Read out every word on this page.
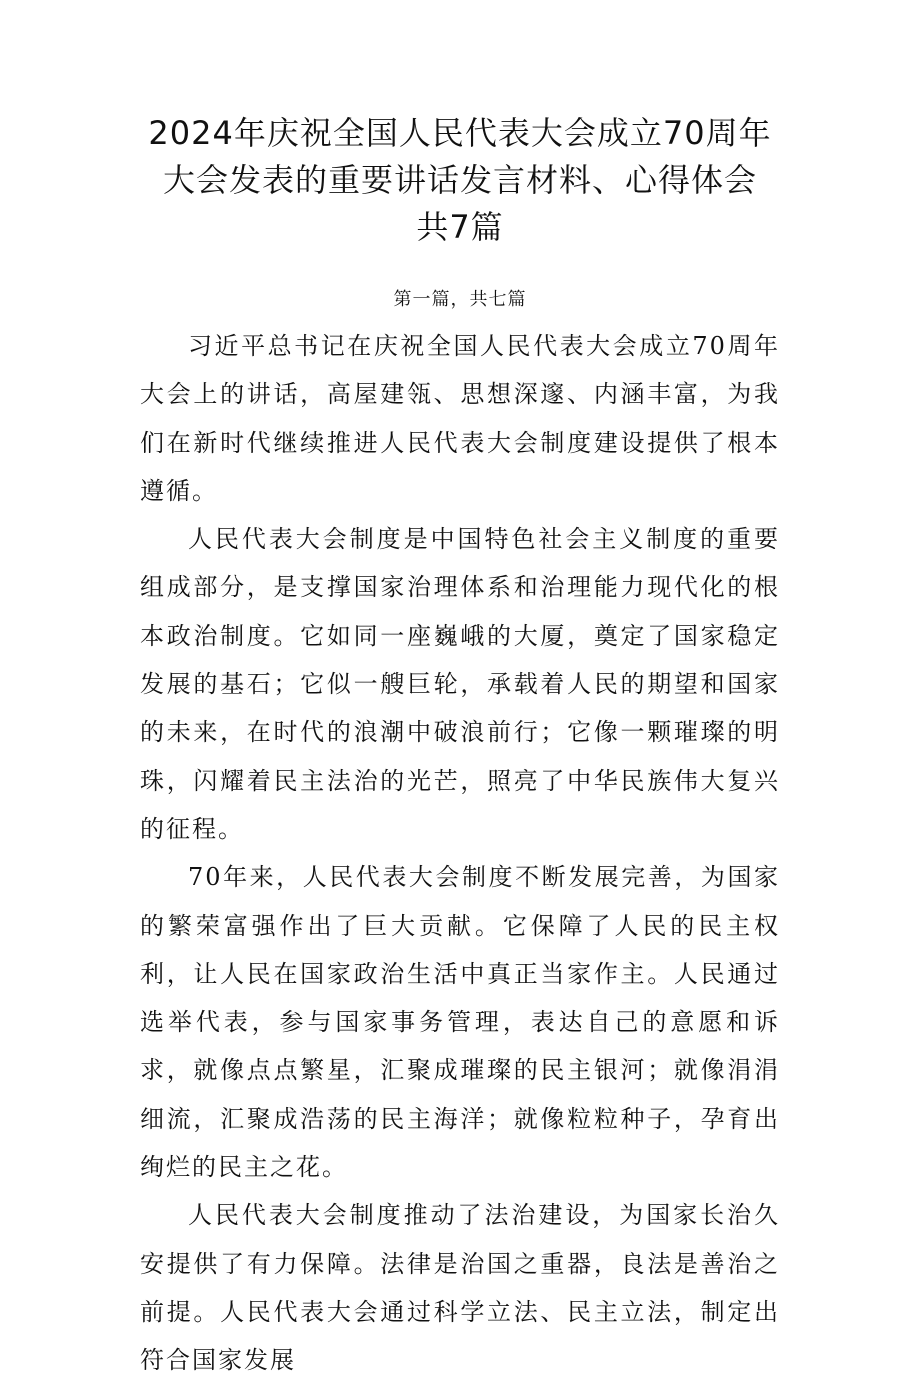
2024年庆祝全国人民代表大会成立70周年
大会发表的重要讲话发言材料、心得体会
共7篇
第一篇，共七篇

习近平总书记在庆祝全国人民代表大会成立70周年大会上的讲话，高屋建瓴、思想深邃、内涵丰富，为我们在新时代继续推进人民代表大会制度建设提供了根本遵循。

人民代表大会制度是中国特色社会主义制度的重要组成部分，是支撑国家治理体系和治理能力现代化的根本政治制度。它如同一座巍峨的大厦，奠定了国家稳定发展的基石；它似一艘巨轮，承载着人民的期望和国家的未来，在时代的浪潮中破浪前行；它像一颗璀璨的明珠，闪耀着民主法治的光芒，照亮了中华民族伟大复兴的征程。

70年来，人民代表大会制度不断发展完善，为国家的繁荣富强作出了巨大贡献。它保障了人民的民主权利，让人民在国家政治生活中真正当家作主。人民通过选举代表，参与国家事务管理，表达自己的意愿和诉求，就像点点繁星，汇聚成璀璨的民主银河；就像涓涓细流，汇聚成浩荡的民主海洋；就像粒粒种子，孕育出绚烂的民主之花。

人民代表大会制度推动了法治建设，为国家长治久安提供了有力保障。法律是治国之重器，良法是善治之前提。人民代表大会通过科学立法、民主立法，制定出符合国家发展
